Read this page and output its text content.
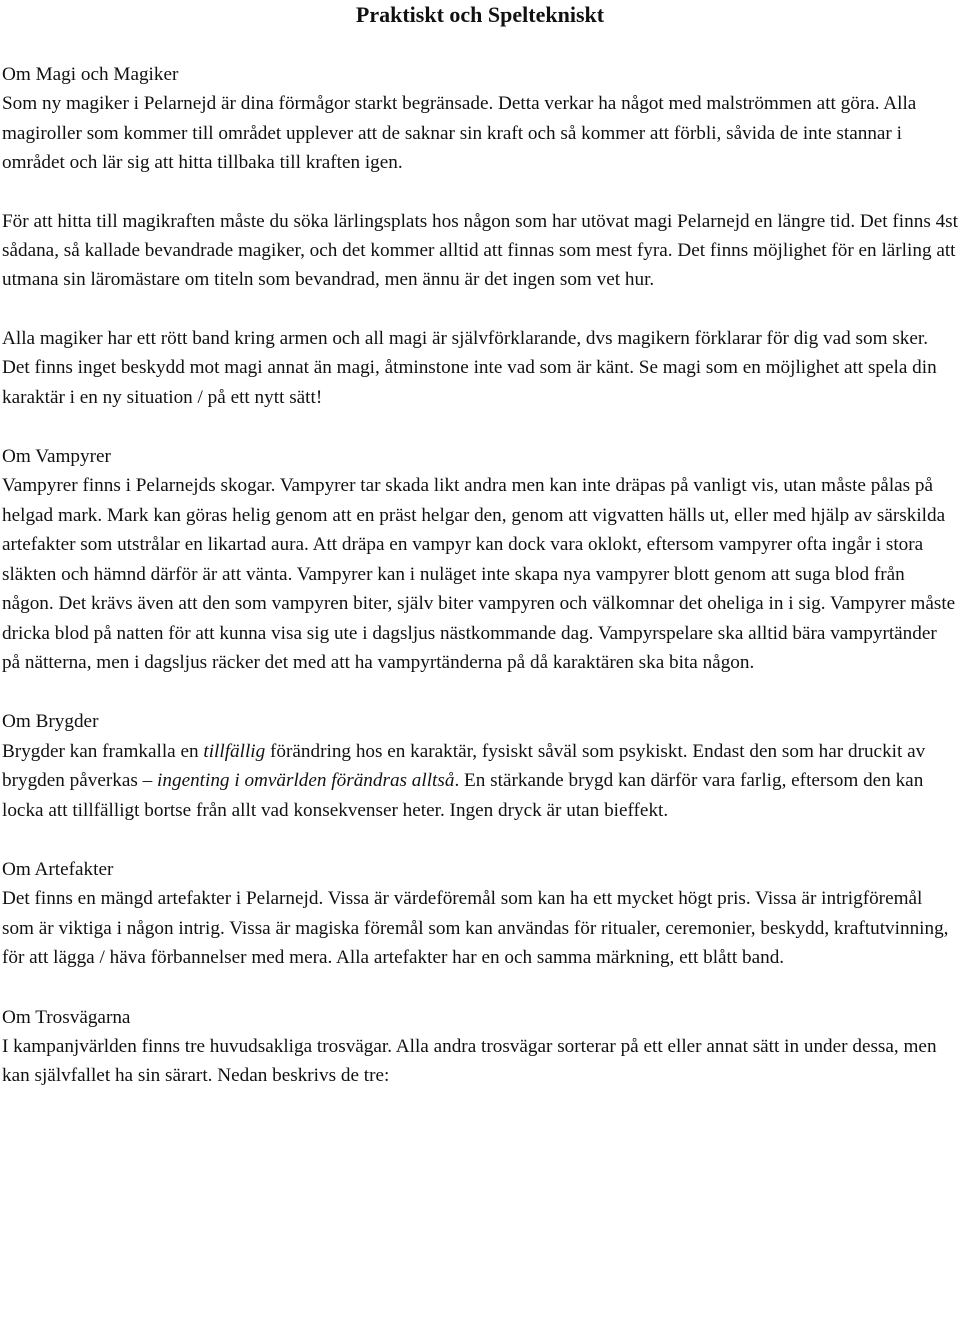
Praktiskt och Speltekniskt
Om Magi och Magiker

Som ny magiker i Pelarnejd är dina förmågor starkt begränsade. Detta verkar ha något med malströmmen att göra. Alla magiroller som kommer till området upplever att de saknar sin kraft och så kommer att förbli, såvida de inte stannar i området och lär sig att hitta tillbaka till kraften igen.

För att hitta till magikraften måste du söka lärlingsplats hos någon som har utövat magi Pelarnejd en längre tid. Det finns 4st sådana, så kallade bevandrade magiker, och det kommer alltid att finnas som mest fyra. Det finns möjlighet för en lärling att utmana sin läromästare om titeln som bevandrad, men ännu är det ingen som vet hur.

Alla magiker har ett rött band kring armen och all magi är självförklarande, dvs magikern förklarar för dig vad som sker. Det finns inget beskydd mot magi annat än magi, åtminstone inte vad som är känt. Se magi som en möjlighet att spela din karaktär i en ny situation / på ett nytt sätt!

Om Vampyrer

Vampyrer finns i Pelarnejds skogar. Vampyrer tar skada likt andra men kan inte dräpas på vanligt vis, utan måste pålas på helgad mark. Mark kan göras helig genom att en präst helgar den, genom att vigvatten hälls ut, eller med hjälp av särskilda artefakter som utstrålar en likartad aura. Att dräpa en vampyr kan dock vara oklokt, eftersom vampyrer ofta ingår i stora släkten och hämnd därför är att vänta. Vampyrer kan i nuläget inte skapa nya vampyrer blott genom att suga blod från någon. Det krävs även att den som vampyren biter, själv biter vampyren och välkomnar det oheliga in i sig. Vampyrer måste dricka blod på natten för att kunna visa sig ute i dagsljus nästkommande dag. Vampyrspelare ska alltid bära vampyrtänder på nätterna, men i dagsljus räcker det med att ha vampyrtänderna på då karaktären ska bita någon.

Om Brygder

Brygder kan framkalla en tillfällig förändring hos en karaktär, fysiskt såväl som psykiskt. Endast den som har druckit av brygden påverkas – ingenting i omvärlden förändras alltså. En stärkande brygd kan därför vara farlig, eftersom den kan locka att tillfälligt bortse från allt vad konsekvenser heter. Ingen dryck är utan bieffekt.

Om Artefakter

Det finns en mängd artefakter i Pelarnejd. Vissa är värdeföremål som kan ha ett mycket högt pris. Vissa är intrigföremål som är viktiga i någon intrig. Vissa är magiska föremål som kan användas för ritualer, ceremonier, beskydd, kraftutvinning, för att lägga / häva förbannelser med mera. Alla artefakter har en och samma märkning, ett blått band.

Om Trosvägarna

I kampanjvärlden finns tre huvudsakliga trosvägar. Alla andra trosvägar sorterar på ett eller annat sätt in under dessa, men kan självfallet ha sin särart. Nedan beskrivs de tre:
